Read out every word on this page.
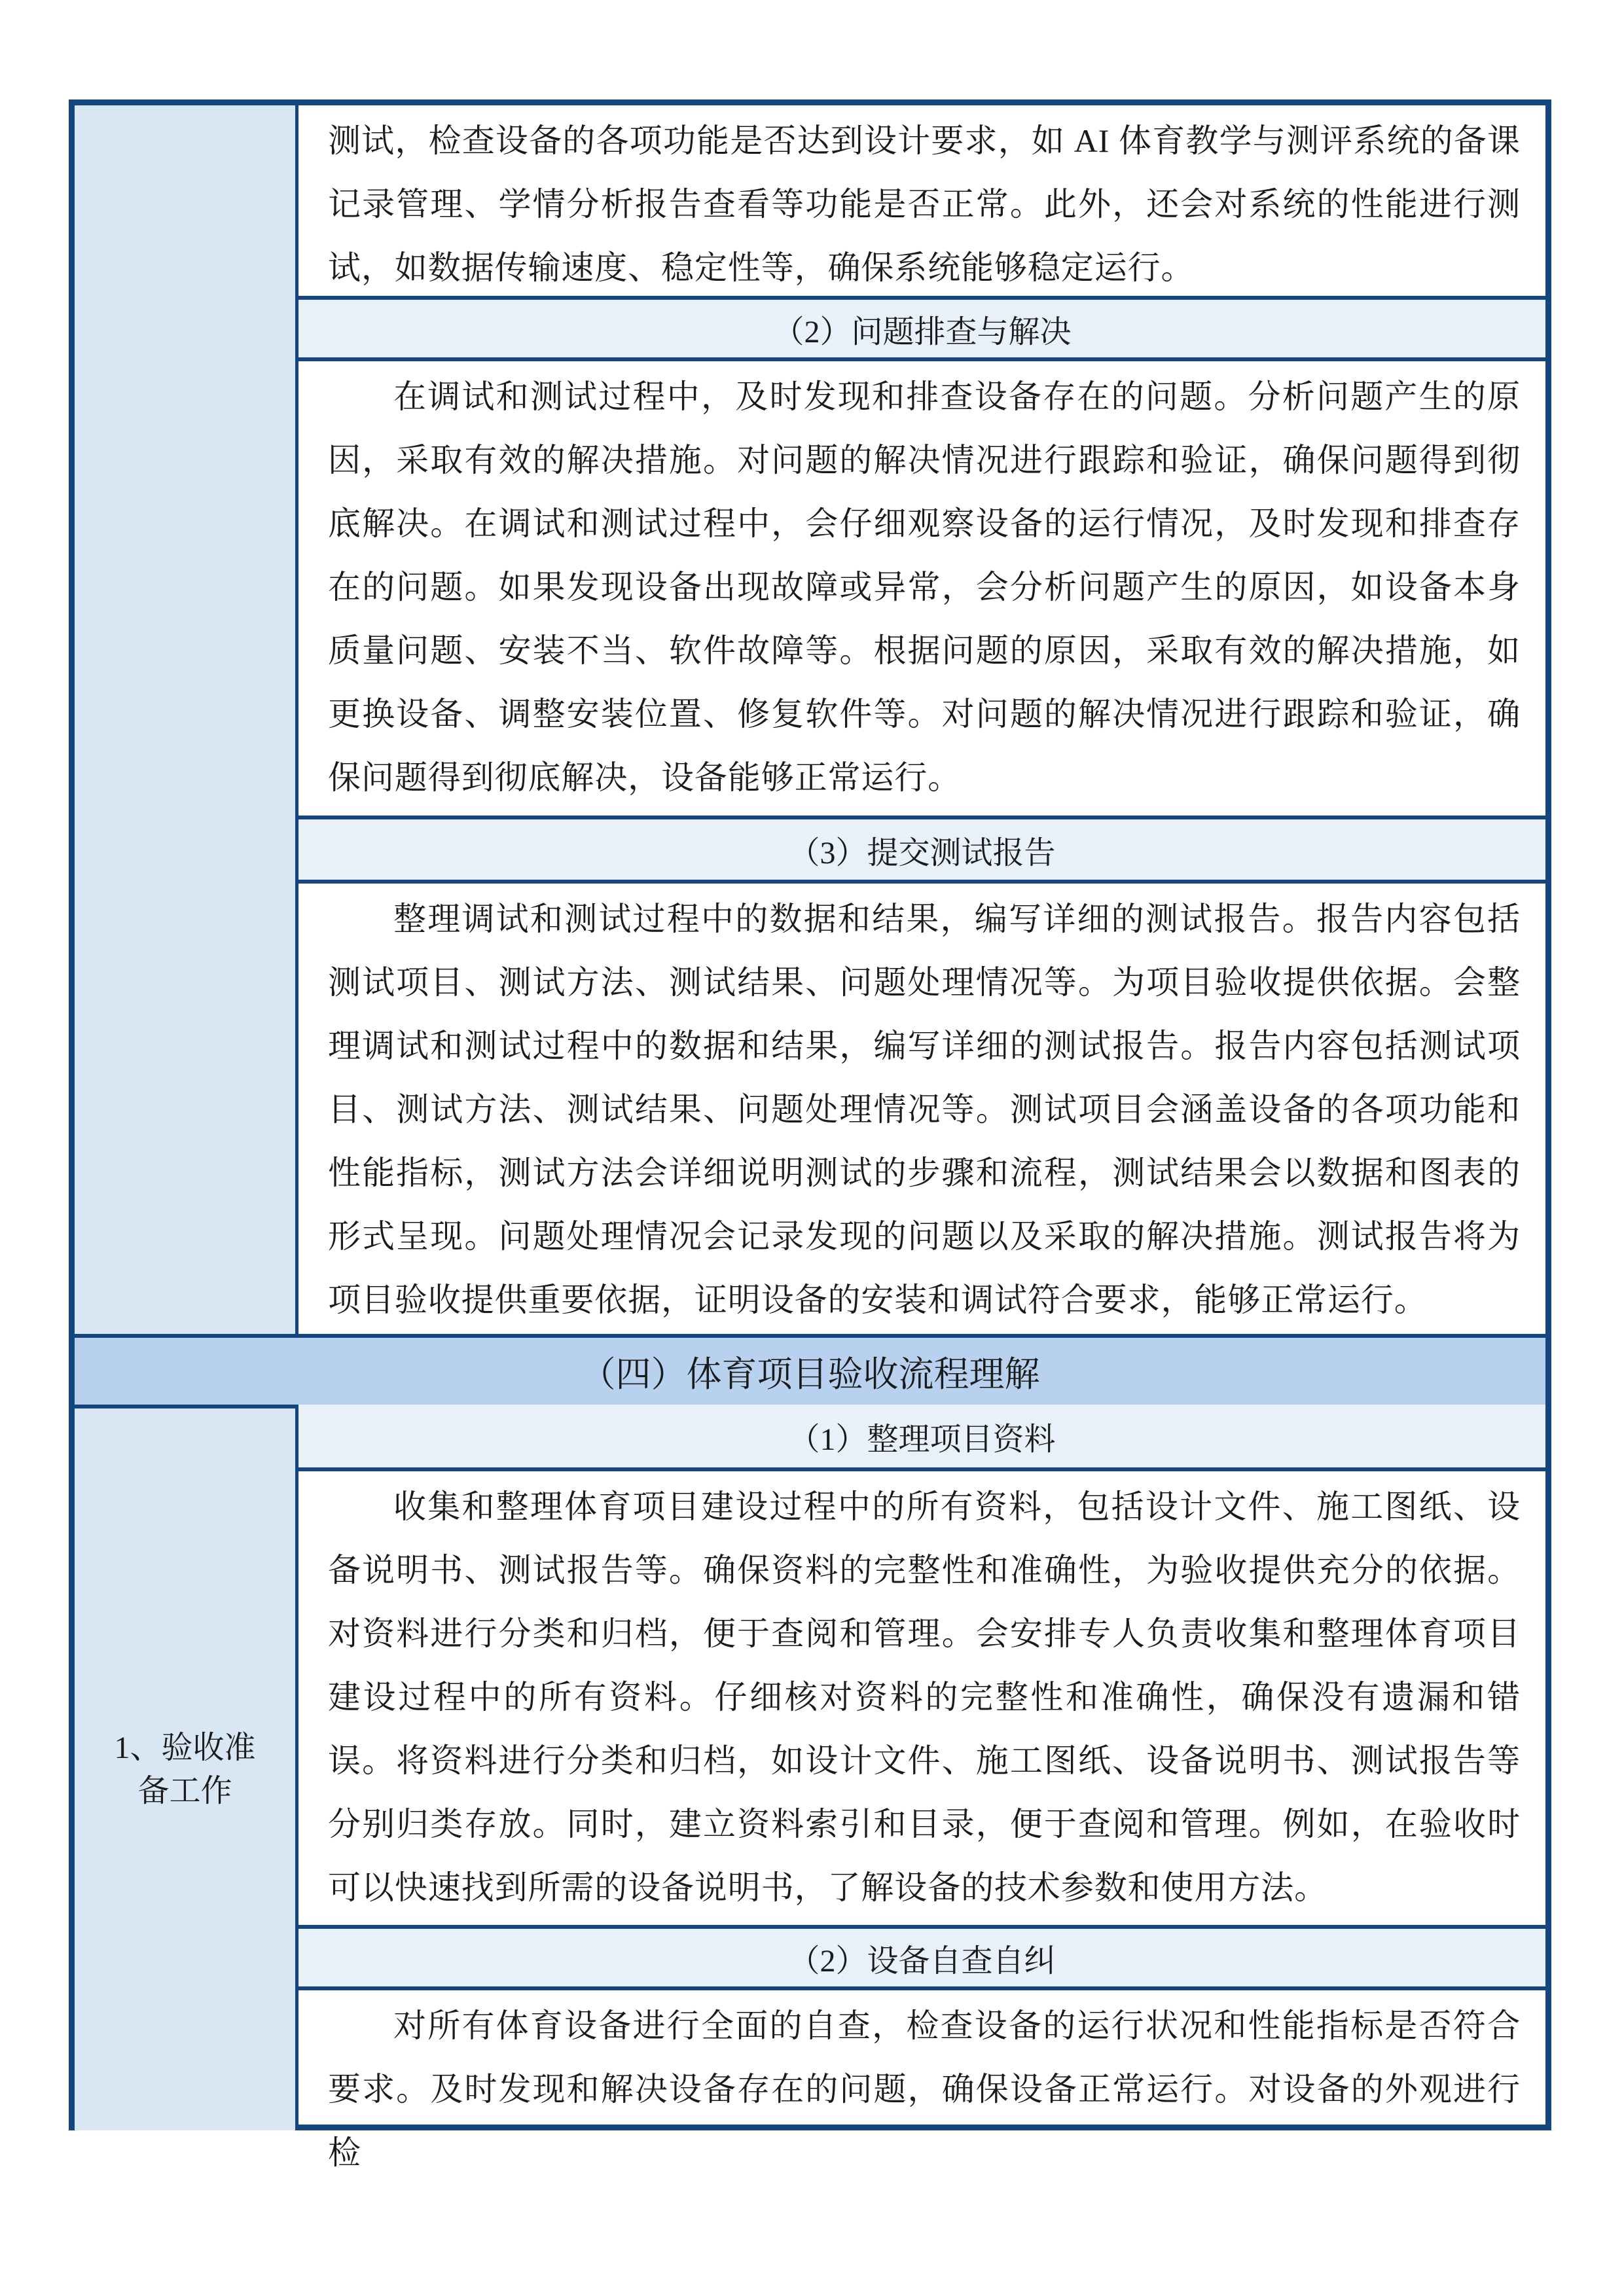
测试，检查设备的各项功能是否达到设计要求，如 AI 体育教学与测评系统的备课记录管理、学情分析报告查看等功能是否正常。此外，还会对系统的性能进行测试，如数据传输速度、稳定性等，确保系统能够稳定运行。

（2）问题排查与解决

在调试和测试过程中，及时发现和排查设备存在的问题。分析问题产生的原因，采取有效的解决措施。对问题的解决情况进行跟踪和验证，确保问题得到彻底解决。在调试和测试过程中，会仔细观察设备的运行情况，及时发现和排查存在的问题。如果发现设备出现故障或异常，会分析问题产生的原因，如设备本身质量问题、安装不当、软件故障等。根据问题的原因，采取有效的解决措施，如更换设备、调整安装位置、修复软件等。对问题的解决情况进行跟踪和验证，确保问题得到彻底解决，设备能够正常运行。

（3）提交测试报告

整理调试和测试过程中的数据和结果，编写详细的测试报告。报告内容包括测试项目、测试方法、测试结果、问题处理情况等。为项目验收提供依据。会整理调试和测试过程中的数据和结果，编写详细的测试报告。报告内容包括测试项目、测试方法、测试结果、问题处理情况等。测试项目会涵盖设备的各项功能和性能指标，测试方法会详细说明测试的步骤和流程，测试结果会以数据和图表的形式呈现。问题处理情况会记录发现的问题以及采取的解决措施。测试报告将为项目验收提供重要依据，证明设备的安装和调试符合要求，能够正常运行。

（四）体育项目验收流程理解
1、验收准备工作
（1）整理项目资料

收集和整理体育项目建设过程中的所有资料，包括设计文件、施工图纸、设备说明书、测试报告等。确保资料的完整性和准确性，为验收提供充分的依据。对资料进行分类和归档，便于查阅和管理。会安排专人负责收集和整理体育项目建设过程中的所有资料。仔细核对资料的完整性和准确性，确保没有遗漏和错误。将资料进行分类和归档，如设计文件、施工图纸、设备说明书、测试报告等分别归类存放。同时，建立资料索引和目录，便于查阅和管理。例如，在验收时可以快速找到所需的设备说明书，了解设备的技术参数和使用方法。

（2）设备自查自纠

对所有体育设备进行全面的自查，检查设备的运行状况和性能指标是否符合要求。及时发现和解决设备存在的问题，确保设备正常运行。对设备的外观进行检
